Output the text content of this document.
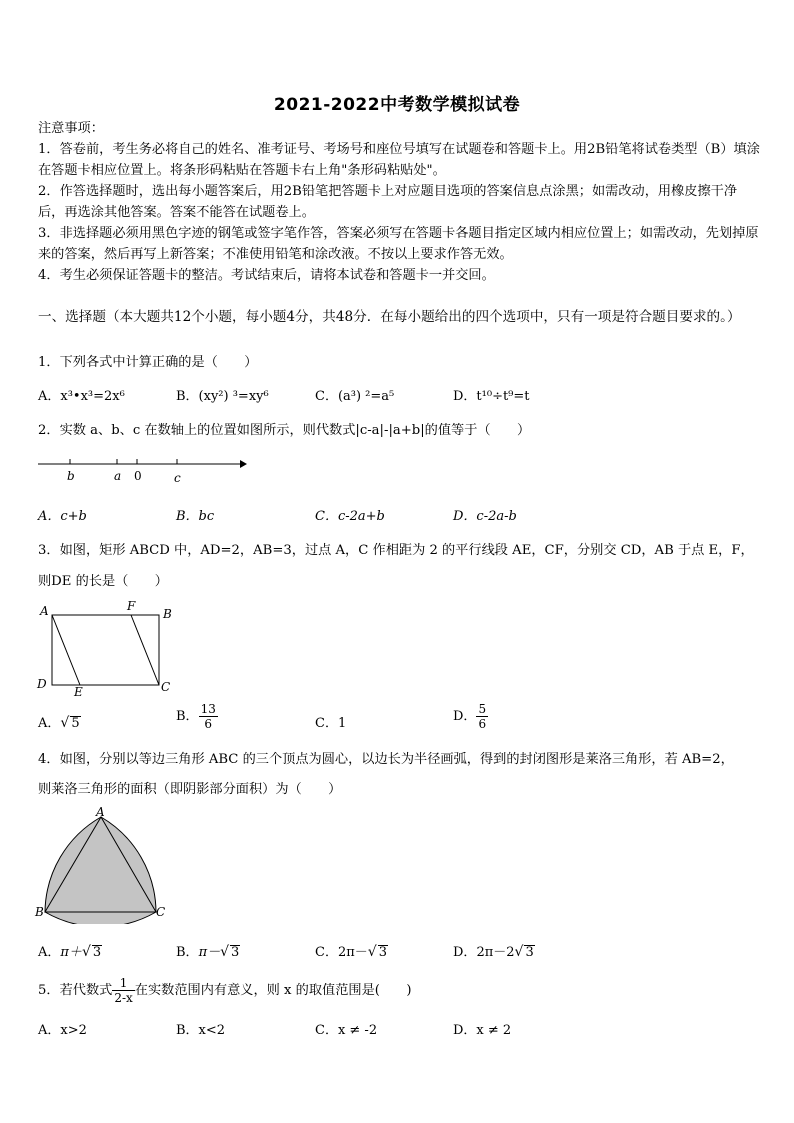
2021-2022中考数学模拟试卷
注意事项：
1．答卷前，考生务必将自己的姓名、准考证号、考场号和座位号填写在试题卷和答题卡上。用2B铅笔将试卷类型（B）填涂在答题卡相应位置上。将条形码粘贴在答题卡右上角"条形码粘贴处"。
2．作答选择题时，选出每小题答案后，用2B铅笔把答题卡上对应题目选项的答案信息点涂黑；如需改动，用橡皮擦干净后，再选涂其他答案。答案不能答在试题卷上。
3．非选择题必须用黑色字迹的钢笔或签字笔作答，答案必须写在答题卡各题目指定区域内相应位置上；如需改动，先划掉原来的答案，然后再写上新答案；不准使用铅笔和涂改液。不按以上要求作答无效。
4．考生必须保证答题卡的整洁。考试结束后，请将本试卷和答题卡一并交回。
一、选择题（本大题共12个小题，每小题4分，共48分．在每小题给出的四个选项中，只有一项是符合题目要求的。）
1．下列各式中计算正确的是（　　）
A．x³•x³=2x⁶	B．(xy²) ³=xy⁶	C．(a³) ²=a⁵	D．t¹⁰÷t⁹=t
2．实数 a、b、c 在数轴上的位置如图所示，则代数式|c-a|-|a+b|的值等于（　　）
b	a 0	c
A．c+b	B．bc	C．c-2a+b	D．c-2a-b
3．如图，矩形 ABCD 中，AD=2，AB=3，过点 A，C 作相距为 2 的平行线段 AE，CF，分别交 CD，AB 于点 E，F，
则DE 的长是（　　）
A	F
B
D
E	C
A．√ 5	B． $\frac{13}{6}$	C．1	D． $\frac{5}{6}$
4．如图，分别以等边三角形 ABC 的三个顶点为圆心，以边长为半径画弧，得到的封闭图形是莱洛三角形，若 AB=2，
则莱洛三角形的面积（即阴影部分面积）为（　　）
A
B	C
A．π＋√ 3	B．π－√ 3	C．2π－√ 3	D．2π－2√ 3
5．若代数式 $\frac{1}{2-x}$ 在实数范围内有意义，则 x 的取值范围是(　　)
A．x>2	B．x<2	C．x ≠ -2	D．x ≠ 2
